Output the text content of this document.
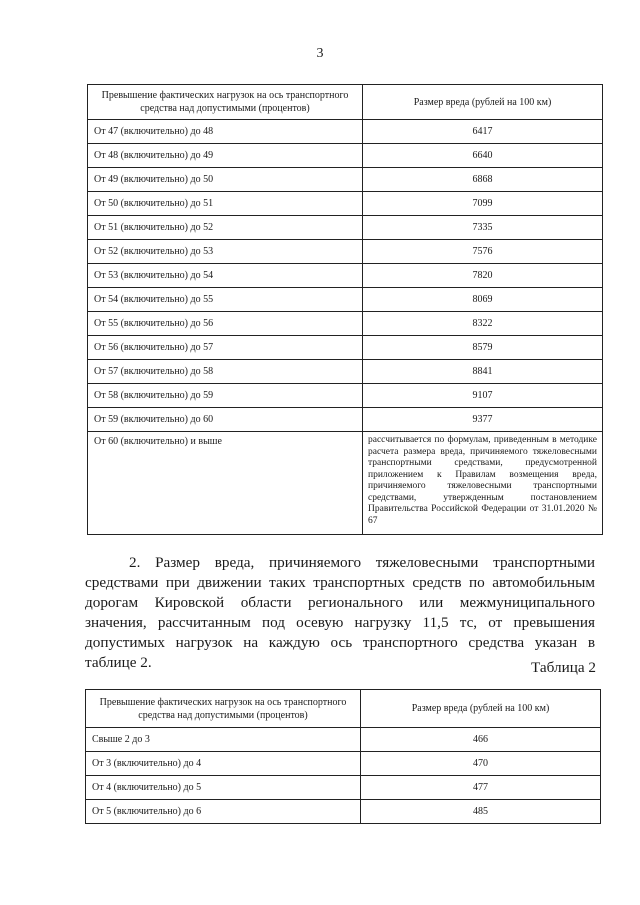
3
Превышение фактических нагрузок на ось транспортного средства над допустимыми (процентов)	Размер вреда (рублей на 100 км)
От 47 (включительно) до 48	6417
От 48 (включительно) до 49	6640
От 49 (включительно) до 50	6868
От 50 (включительно) до 51	7099
От 51 (включительно) до 52	7335
От 52 (включительно) до 53	7576
От 53 (включительно) до 54	7820
От 54 (включительно) до 55	8069
От 55 (включительно) до 56	8322
От 56 (включительно) до 57	8579
От 57 (включительно) до 58	8841
От 58 (включительно) до 59	9107
От 59 (включительно) до 60	9377
От 60 (включительно) и выше	рассчитывается по формулам, приведенным в методике расчета размера вреда, причиняемого тяжеловесными транспортными средствами, предусмотренной приложением к Правилам возмещения вреда, причиняемого тяжеловесными транспортными средствами, утвержденным постановлением Правительства Российской Федерации от 31.01.2020 № 67

2. Размер вреда, причиняемого тяжеловесными транспортными средствами при движении таких транспортных средств по автомобильным дорогам Кировской области регионального или межмуниципального значения, рассчитанным под осевую нагрузку 11,5 тс, от превышения допустимых нагрузок на каждую ось транспортного средства указан в таблице 2.	Таблица 2
Превышение фактических нагрузок на ось транспортного средства над допустимыми (процентов)	Размер вреда (рублей на 100 км)
Свыше 2 до 3	466
От 3 (включительно) до 4	470
От 4 (включительно) до 5	477
От 5 (включительно) до 6	485
